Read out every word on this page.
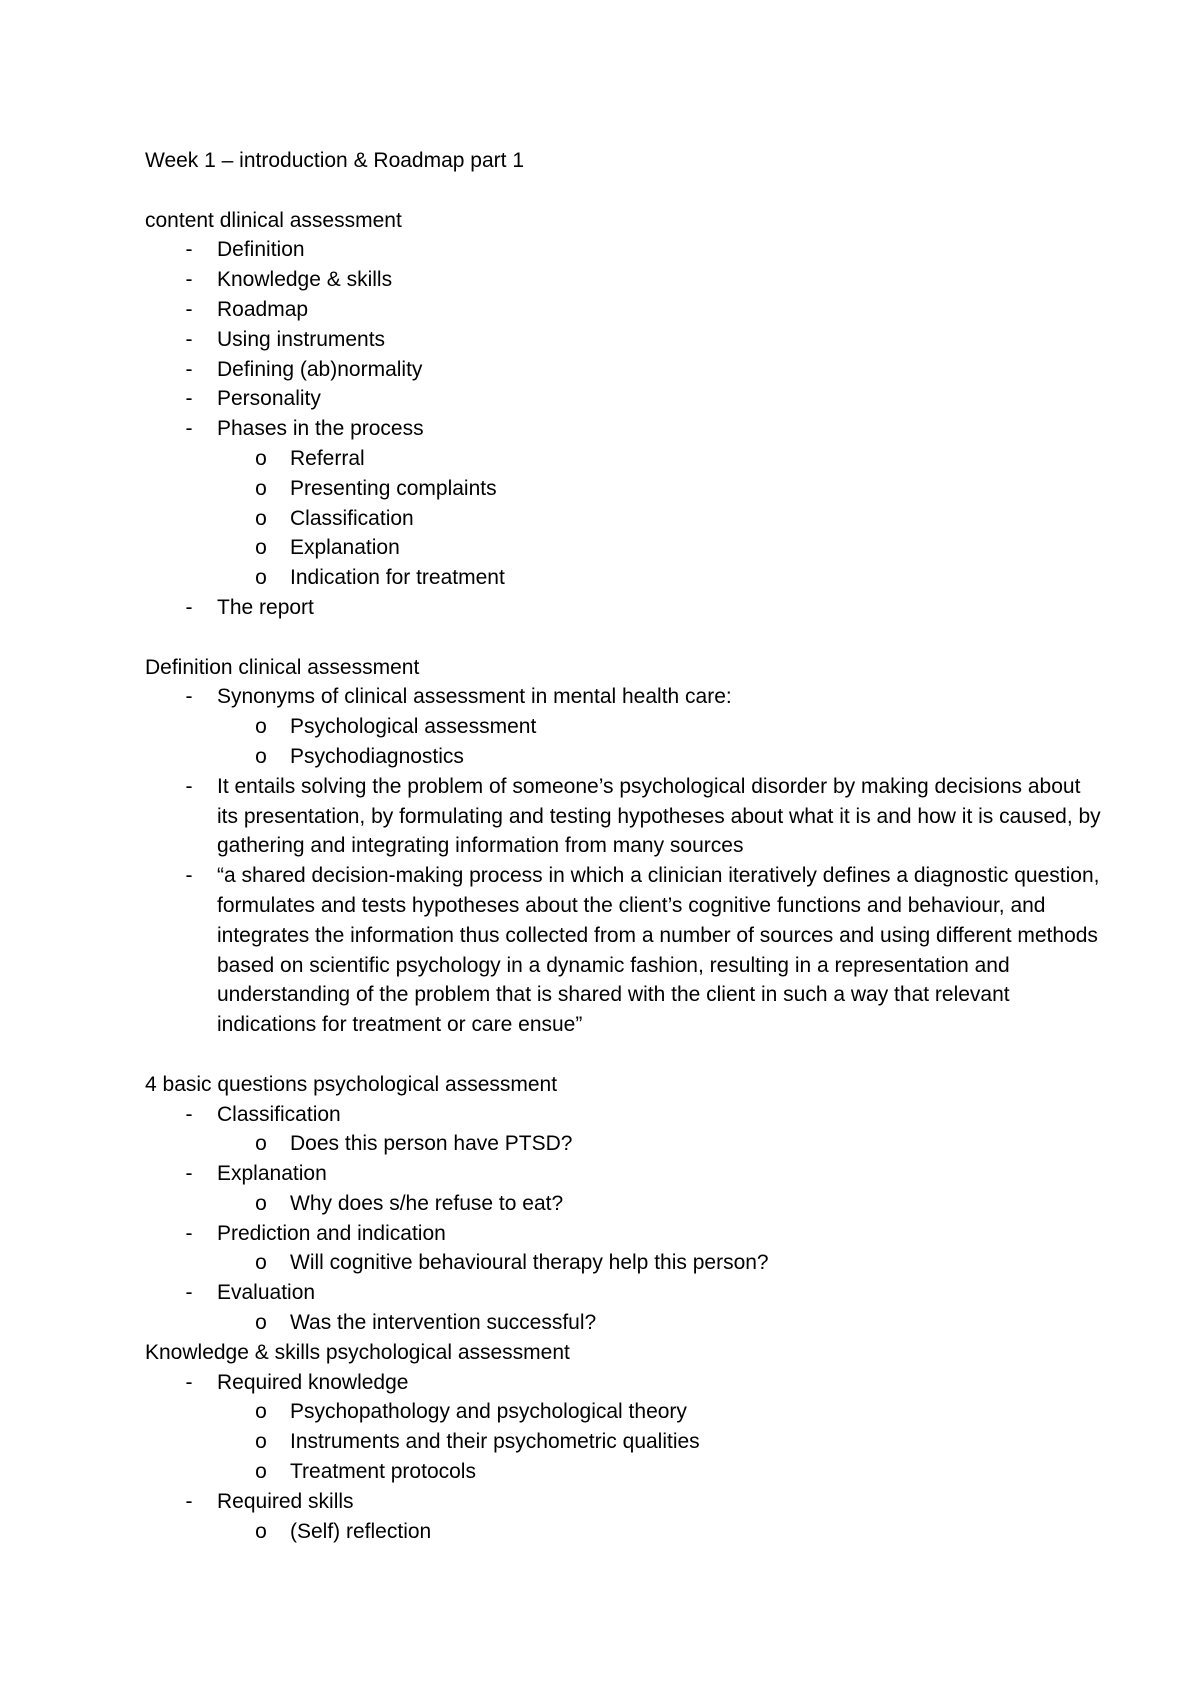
Week 1 – introduction & Roadmap part 1
content dlinical assessment
- Definition
- Knowledge & skills
- Roadmap
- Using instruments
- Defining (ab)normality
- Personality
- Phases in the process
o Referral
o Presenting complaints
o Classification
o Explanation
o Indication for treatment
- The report
Definition clinical assessment
- Synonyms of clinical assessment in mental health care:
o Psychological assessment
o Psychodiagnostics
- It entails solving the problem of someone’s psychological disorder by making decisions about its presentation, by formulating and testing hypotheses about what it is and how it is caused, by gathering and integrating information from many sources
- “a shared decision-making process in which a clinician iteratively defines a diagnostic question, formulates and tests hypotheses about the client’s cognitive functions and behaviour, and integrates the information thus collected from a number of sources and using different methods based on scientific psychology in a dynamic fashion, resulting in a representation and understanding of the problem that is shared with the client in such a way that relevant indications for treatment or care ensue”
4 basic questions psychological assessment
- Classification
o Does this person have PTSD?
- Explanation
o Why does s/he refuse to eat?
- Prediction and indication
o Will cognitive behavioural therapy help this person?
- Evaluation
o Was the intervention successful?
Knowledge & skills psychological assessment
- Required knowledge
o Psychopathology and psychological theory
o Instruments and their psychometric qualities
o Treatment protocols
- Required skills
o (Self) reflection
